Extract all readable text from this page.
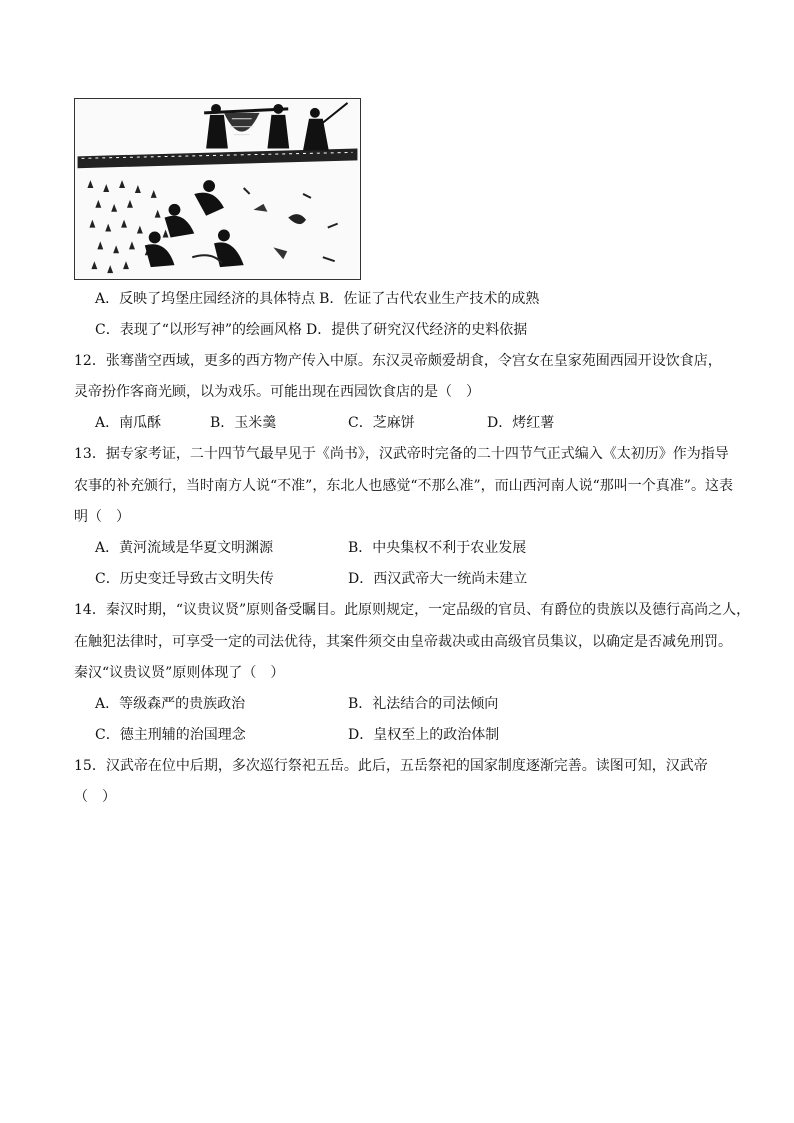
A．反映了坞堡庄园经济的具体特点 B．佐证了古代农业生产技术的成熟
C．表现了“以形写神”的绘画风格 D．提供了研究汉代经济的史料依据
12．张骞凿空西域，更多的西方物产传入中原。东汉灵帝颇爱胡食，令宫女在皇家苑囿西园开设饮食店，
灵帝扮作客商光顾，以为戏乐。可能出现在西园饮食店的是（　）
A．南瓜酥	B．玉米羹	C．芝麻饼	D．烤红薯
13．据专家考证，二十四节气最早见于《尚书》，汉武帝时完备的二十四节气正式编入《太初历》作为指导
农事的补充颁行，当时南方人说“不准”，东北人也感觉“不那么准”，而山西河南人说“那叫一个真准”。这表
明（　）
A．黄河流域是华夏文明渊源	B．中央集权不利于农业发展
C．历史变迁导致古文明失传	D．西汉武帝大一统尚未建立
14．秦汉时期，“议贵议贤”原则备受瞩目。此原则规定，一定品级的官员、有爵位的贵族以及德行高尚之人，
在触犯法律时，可享受一定的司法优待，其案件须交由皇帝裁决或由高级官员集议，以确定是否减免刑罚。
秦汉“议贵议贤”原则体现了（　）
A．等级森严的贵族政治	B．礼法结合的司法倾向
C．德主刑辅的治国理念	D．皇权至上的政治体制
15．汉武帝在位中后期，多次巡行祭祀五岳。此后，五岳祭祀的国家制度逐渐完善。读图可知，汉武帝
（　）
